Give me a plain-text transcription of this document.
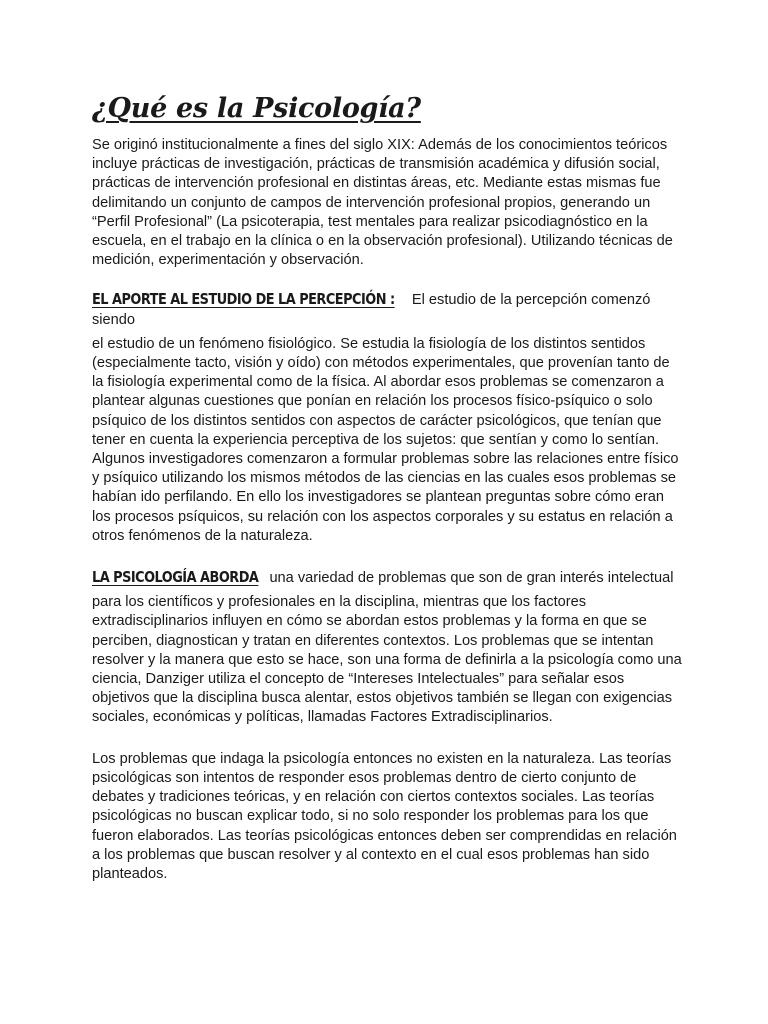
¿Qué es la Psicología?

Se originó institucionalmente a fines del siglo XIX: Además de los conocimientos teóricos incluye prácticas de investigación, prácticas de transmisión académica y difusión social, prácticas de intervención profesional en distintas áreas, etc. Mediante estas mismas fue delimitando un conjunto de campos de intervención profesional propios, generando un “Perfil Profesional” (La psicoterapia, test mentales para realizar psicodiagnóstico en la escuela, en el trabajo en la clínica o en la observación profesional). Utilizando técnicas de medición, experimentación y observación.

EL APORTE AL ESTUDIO DE LA PERCEPCIÓN : El estudio de la percepción comenzó siendo

el estudio de un fenómeno fisiológico. Se estudia la fisiología de los distintos sentidos (especialmente tacto, visión y oído) con métodos experimentales, que provenían tanto de la fisiología experimental como de la física. Al abordar esos problemas se comenzaron a plantear algunas cuestiones que ponían en relación los procesos físico-psíquico o solo psíquico de los distintos sentidos con aspectos de carácter psicológicos, que tenían que tener en cuenta la experiencia perceptiva de los sujetos: que sentían y como lo sentían. Algunos investigadores comenzaron a formular problemas sobre las relaciones entre físico y psíquico utilizando los mismos métodos de las ciencias en las cuales esos problemas se habían ido perfilando. En ello los investigadores se plantean preguntas sobre cómo eran los procesos psíquicos, su relación con los aspectos corporales y su estatus en relación a otros fenómenos de la naturaleza.

LA PSICOLOGÍA ABORDA una variedad de problemas que son de gran interés intelectual

para los científicos y profesionales en la disciplina, mientras que los factores extradisciplinarios influyen en cómo se abordan estos problemas y la forma en que se perciben, diagnostican y tratan en diferentes contextos. Los problemas que se intentan resolver y la manera que esto se hace, son una forma de definirla a la psicología como una ciencia, Danziger utiliza el concepto de “Intereses Intelectuales” para señalar esos objetivos que la disciplina busca alentar, estos objetivos también se llegan con exigencias sociales, económicas y políticas, llamadas Factores Extradisciplinarios.

Los problemas que indaga la psicología entonces no existen en la naturaleza. Las teorías psicológicas son intentos de responder esos problemas dentro de cierto conjunto de debates y tradiciones teóricas, y en relación con ciertos contextos sociales. Las teorías psicológicas no buscan explicar todo, si no solo responder los problemas para los que fueron elaborados. Las teorías psicológicas entonces deben ser comprendidas en relación a los problemas que buscan resolver y al contexto en el cual esos problemas han sido planteados.
